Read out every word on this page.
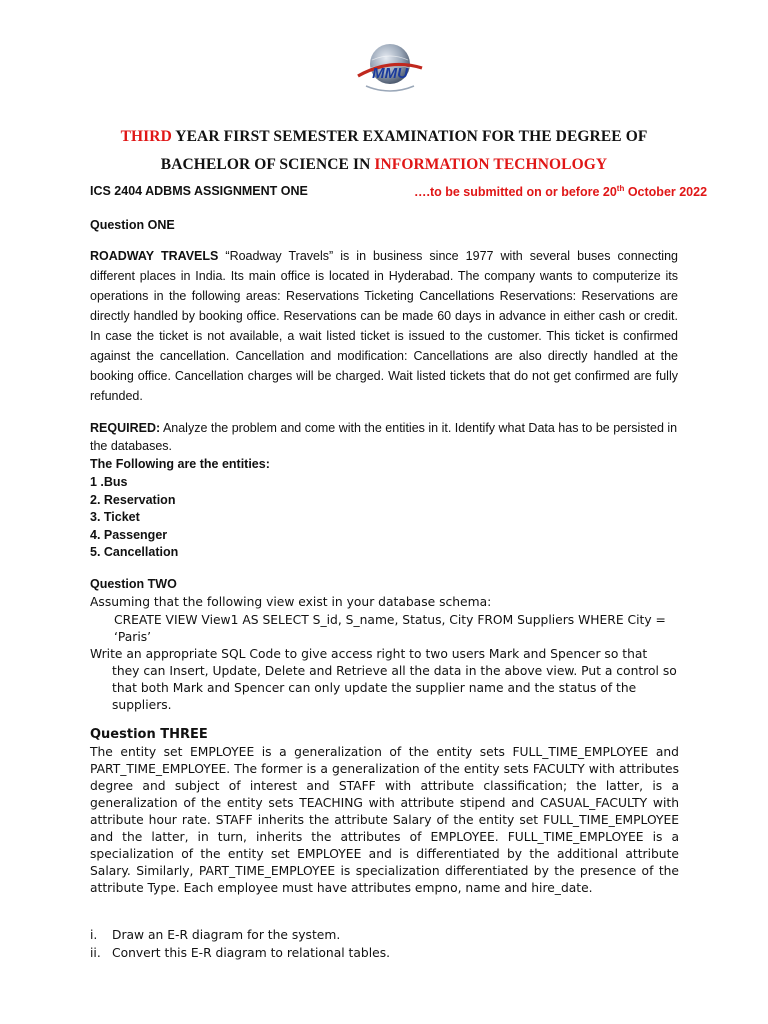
MMU
THIRD YEAR FIRST SEMESTER EXAMINATION FOR THE DEGREE OF
BACHELOR OF SCIENCE IN INFORMATION TECHNOLOGY
ICS 2404 ADBMS ASSIGNMENT ONE	….to be submitted on or before 20th October 2022
Question ONE

ROADWAY TRAVELS “Roadway Travels” is in business since 1977 with several buses connecting different places in India. Its main office is located in Hyderabad. The company wants to computerize its operations in the following areas: Reservations Ticketing Cancellations Reservations: Reservations are directly handled by booking office. Reservations can be made 60 days in advance in either cash or credit. In case the ticket is not available, a wait listed ticket is issued to the customer. This ticket is confirmed against the cancellation. Cancellation and modification: Cancellations are also directly handled at the booking office. Cancellation charges will be charged. Wait listed tickets that do not get confirmed are fully refunded.

REQUIRED: Analyze the problem and come with the entities in it. Identify what Data has to be persisted in the databases.

The Following are the entities:
1 .Bus
2. Reservation
3. Ticket
4. Passenger
5. Cancellation
Question TWO
Assuming that the following view exist in your database schema:

CREATE VIEW View1 AS SELECT S_id, S_name, Status, City FROM Suppliers WHERE City = ‘Paris’

Write an appropriate SQL Code to give access right to two users Mark and Spencer so that
they can Insert, Update, Delete and Retrieve all the data in the above view. Put a control so that both Mark and Spencer can only update the supplier name and the status of the suppliers.

Question THREE

The entity set EMPLOYEE is a generalization of the entity sets FULL_TIME_EMPLOYEE and PART_TIME_EMPLOYEE. The former is a generalization of the entity sets FACULTY with attributes degree and subject of interest and STAFF with attribute classification; the latter, is a generalization of the entity sets TEACHING with attribute stipend and CASUAL_FACULTY with attribute hour rate. STAFF inherits the attribute Salary of the entity set FULL_TIME_EMPLOYEE and the latter, in turn, inherits the attributes of EMPLOYEE. FULL_TIME_EMPLOYEE is a specialization of the entity set EMPLOYEE and is differentiated by the additional attribute Salary. Similarly, PART_TIME_EMPLOYEE is specialization differentiated by the presence of the attribute Type. Each employee must have attributes empno, name and hire_date.

i. Draw an E-R diagram for the system.
ii. Convert this E-R diagram to relational tables.
